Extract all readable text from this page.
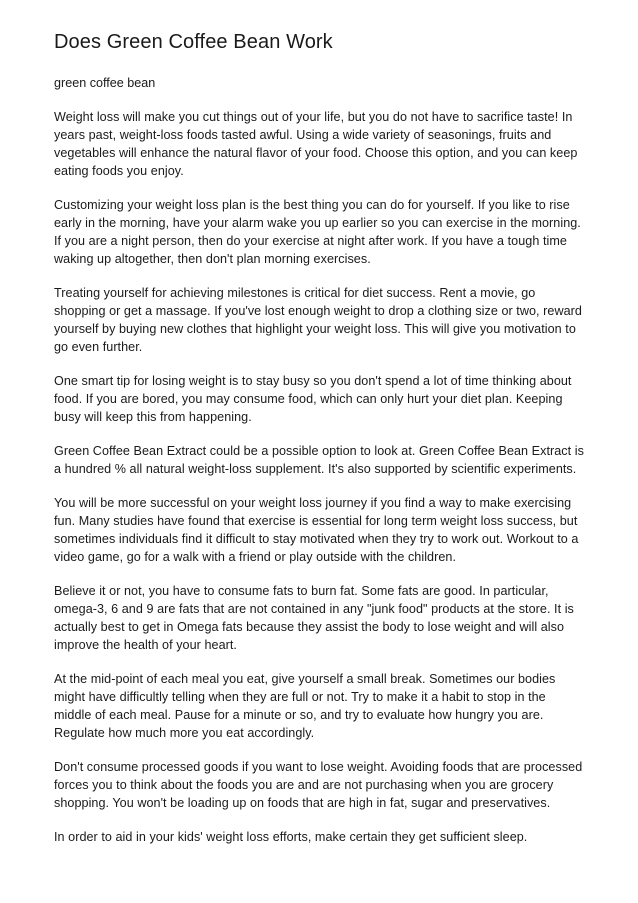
Does Green Coffee Bean Work

green coffee bean

Weight loss will make you cut things out of your life, but you do not have to sacrifice taste! In years past, weight-loss foods tasted awful. Using a wide variety of seasonings, fruits and vegetables will enhance the natural flavor of your food. Choose this option, and you can keep eating foods you enjoy.

Customizing your weight loss plan is the best thing you can do for yourself. If you like to rise early in the morning, have your alarm wake you up earlier so you can exercise in the morning. If you are a night person, then do your exercise at night after work. If you have a tough time waking up altogether, then don't plan morning exercises.

Treating yourself for achieving milestones is critical for diet success. Rent a movie, go shopping or get a massage. If you've lost enough weight to drop a clothing size or two, reward yourself by buying new clothes that highlight your weight loss. This will give you motivation to go even further.

One smart tip for losing weight is to stay busy so you don't spend a lot of time thinking about food. If you are bored, you may consume food, which can only hurt your diet plan. Keeping busy will keep this from happening.

Green Coffee Bean Extract could be a possible option to look at. Green Coffee Bean Extract is a hundred % all natural weight-loss supplement. It's also supported by scientific experiments.

You will be more successful on your weight loss journey if you find a way to make exercising fun. Many studies have found that exercise is essential for long term weight loss success, but sometimes individuals find it difficult to stay motivated when they try to work out. Workout to a video game, go for a walk with a friend or play outside with the children.

Believe it or not, you have to consume fats to burn fat. Some fats are good. In particular, omega-3, 6 and 9 are fats that are not contained in any "junk food" products at the store. It is actually best to get in Omega fats because they assist the body to lose weight and will also improve the health of your heart.

At the mid-point of each meal you eat, give yourself a small break. Sometimes our bodies might have difficultly telling when they are full or not. Try to make it a habit to stop in the middle of each meal. Pause for a minute or so, and try to evaluate how hungry you are. Regulate how much more you eat accordingly.

Don't consume processed goods if you want to lose weight. Avoiding foods that are processed forces you to think about the foods you are and are not purchasing when you are grocery shopping. You won't be loading up on foods that are high in fat, sugar and preservatives.

In order to aid in your kids' weight loss efforts, make certain they get sufficient sleep.
